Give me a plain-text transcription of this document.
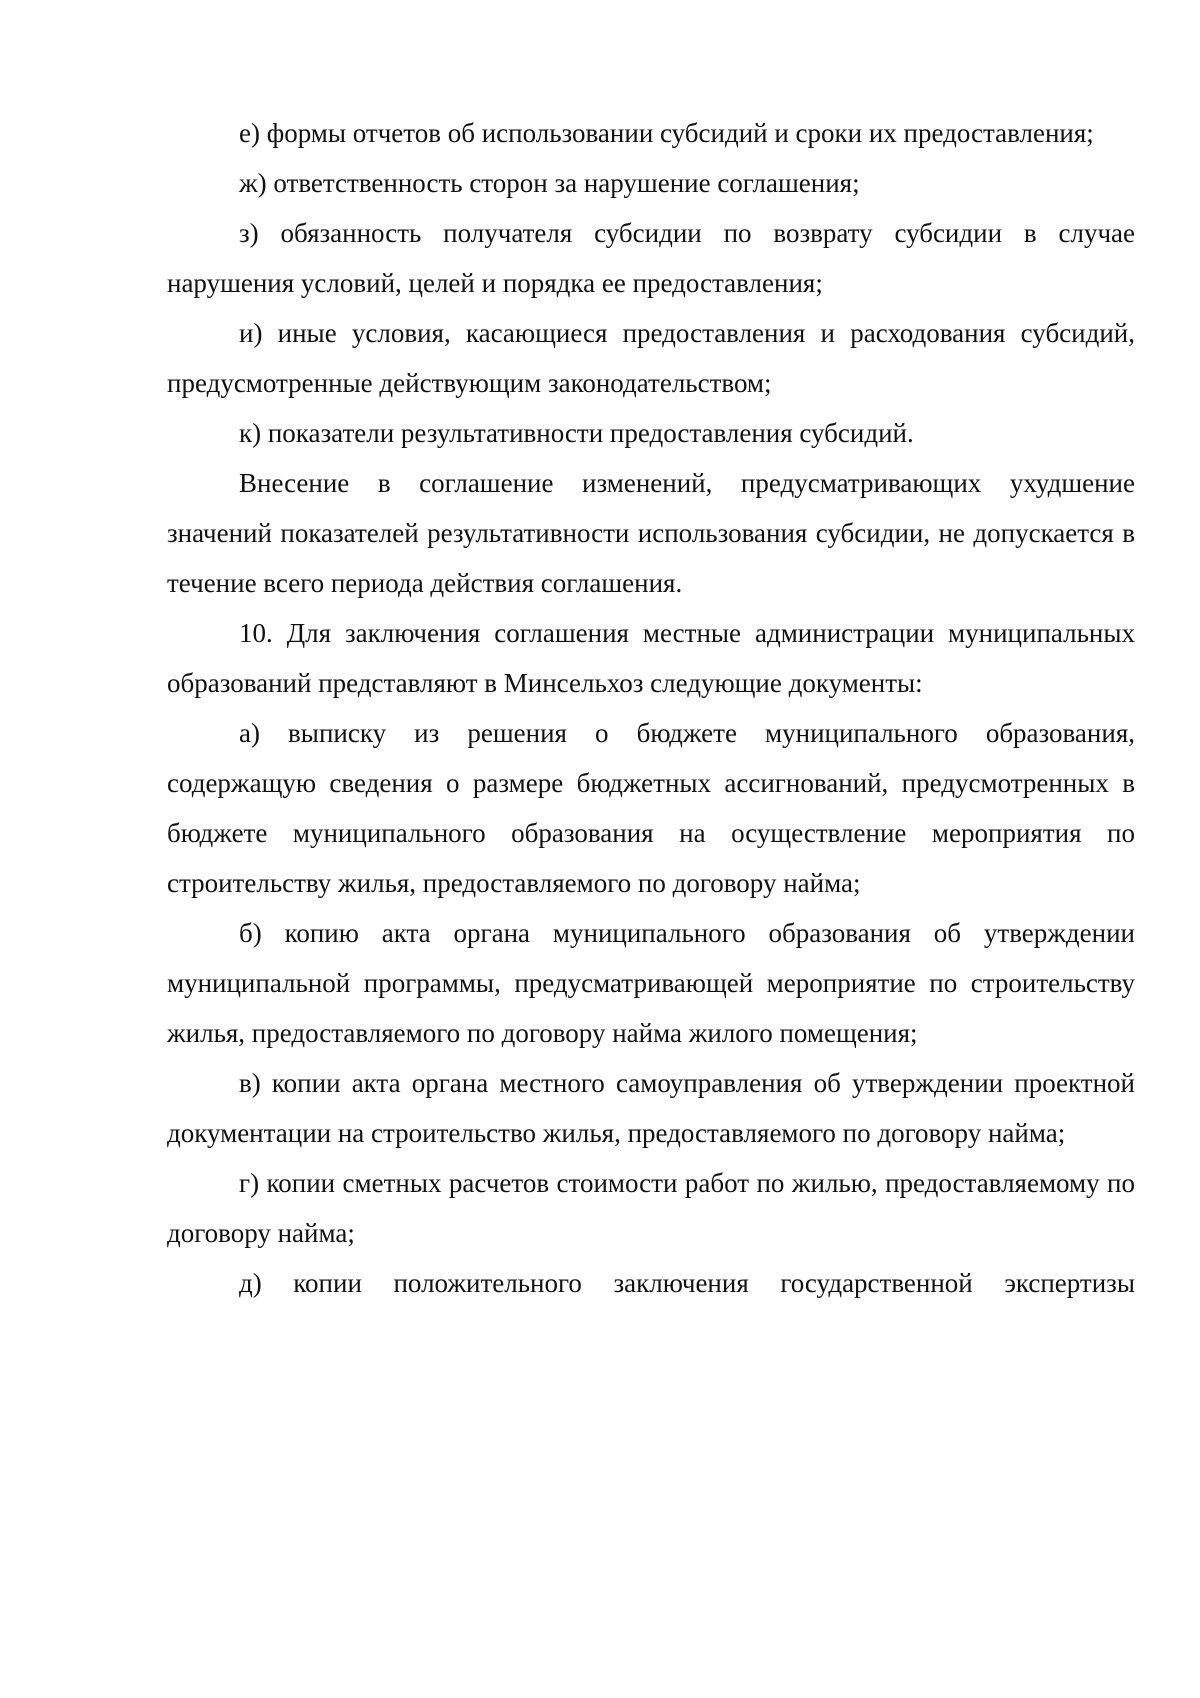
е) формы отчетов об использовании субсидий и сроки их предоставления;

ж) ответственность сторон за нарушение соглашения;

з) обязанность получателя субсидии по возврату субсидии в случае нарушения условий, целей и порядка ее предоставления;

и) иные условия, касающиеся предоставления и расходования субсидий, предусмотренные действующим законодательством;

к) показатели результативности предоставления субсидий.

Внесение в соглашение изменений, предусматривающих ухудшение значений показателей результативности использования субсидии, не допускается в течение всего периода действия соглашения.

10. Для заключения соглашения местные администрации муниципальных образований представляют в Минсельхоз следующие документы:

а) выписку из решения о бюджете муниципального образования, содержащую сведения о размере бюджетных ассигнований, предусмотренных в бюджете муниципального образования на осуществление мероприятия по строительству жилья, предоставляемого по договору найма;

б) копию акта органа муниципального образования об утверждении муниципальной программы, предусматривающей мероприятие по строительству жилья, предоставляемого по договору найма жилого помещения;

в) копии акта органа местного самоуправления об утверждении проектной документации на строительство жилья, предоставляемого по договору найма;

г) копии сметных расчетов стоимости работ по жилью, предоставляемому по договору найма;

д) копии положительного заключения государственной экспертизы
